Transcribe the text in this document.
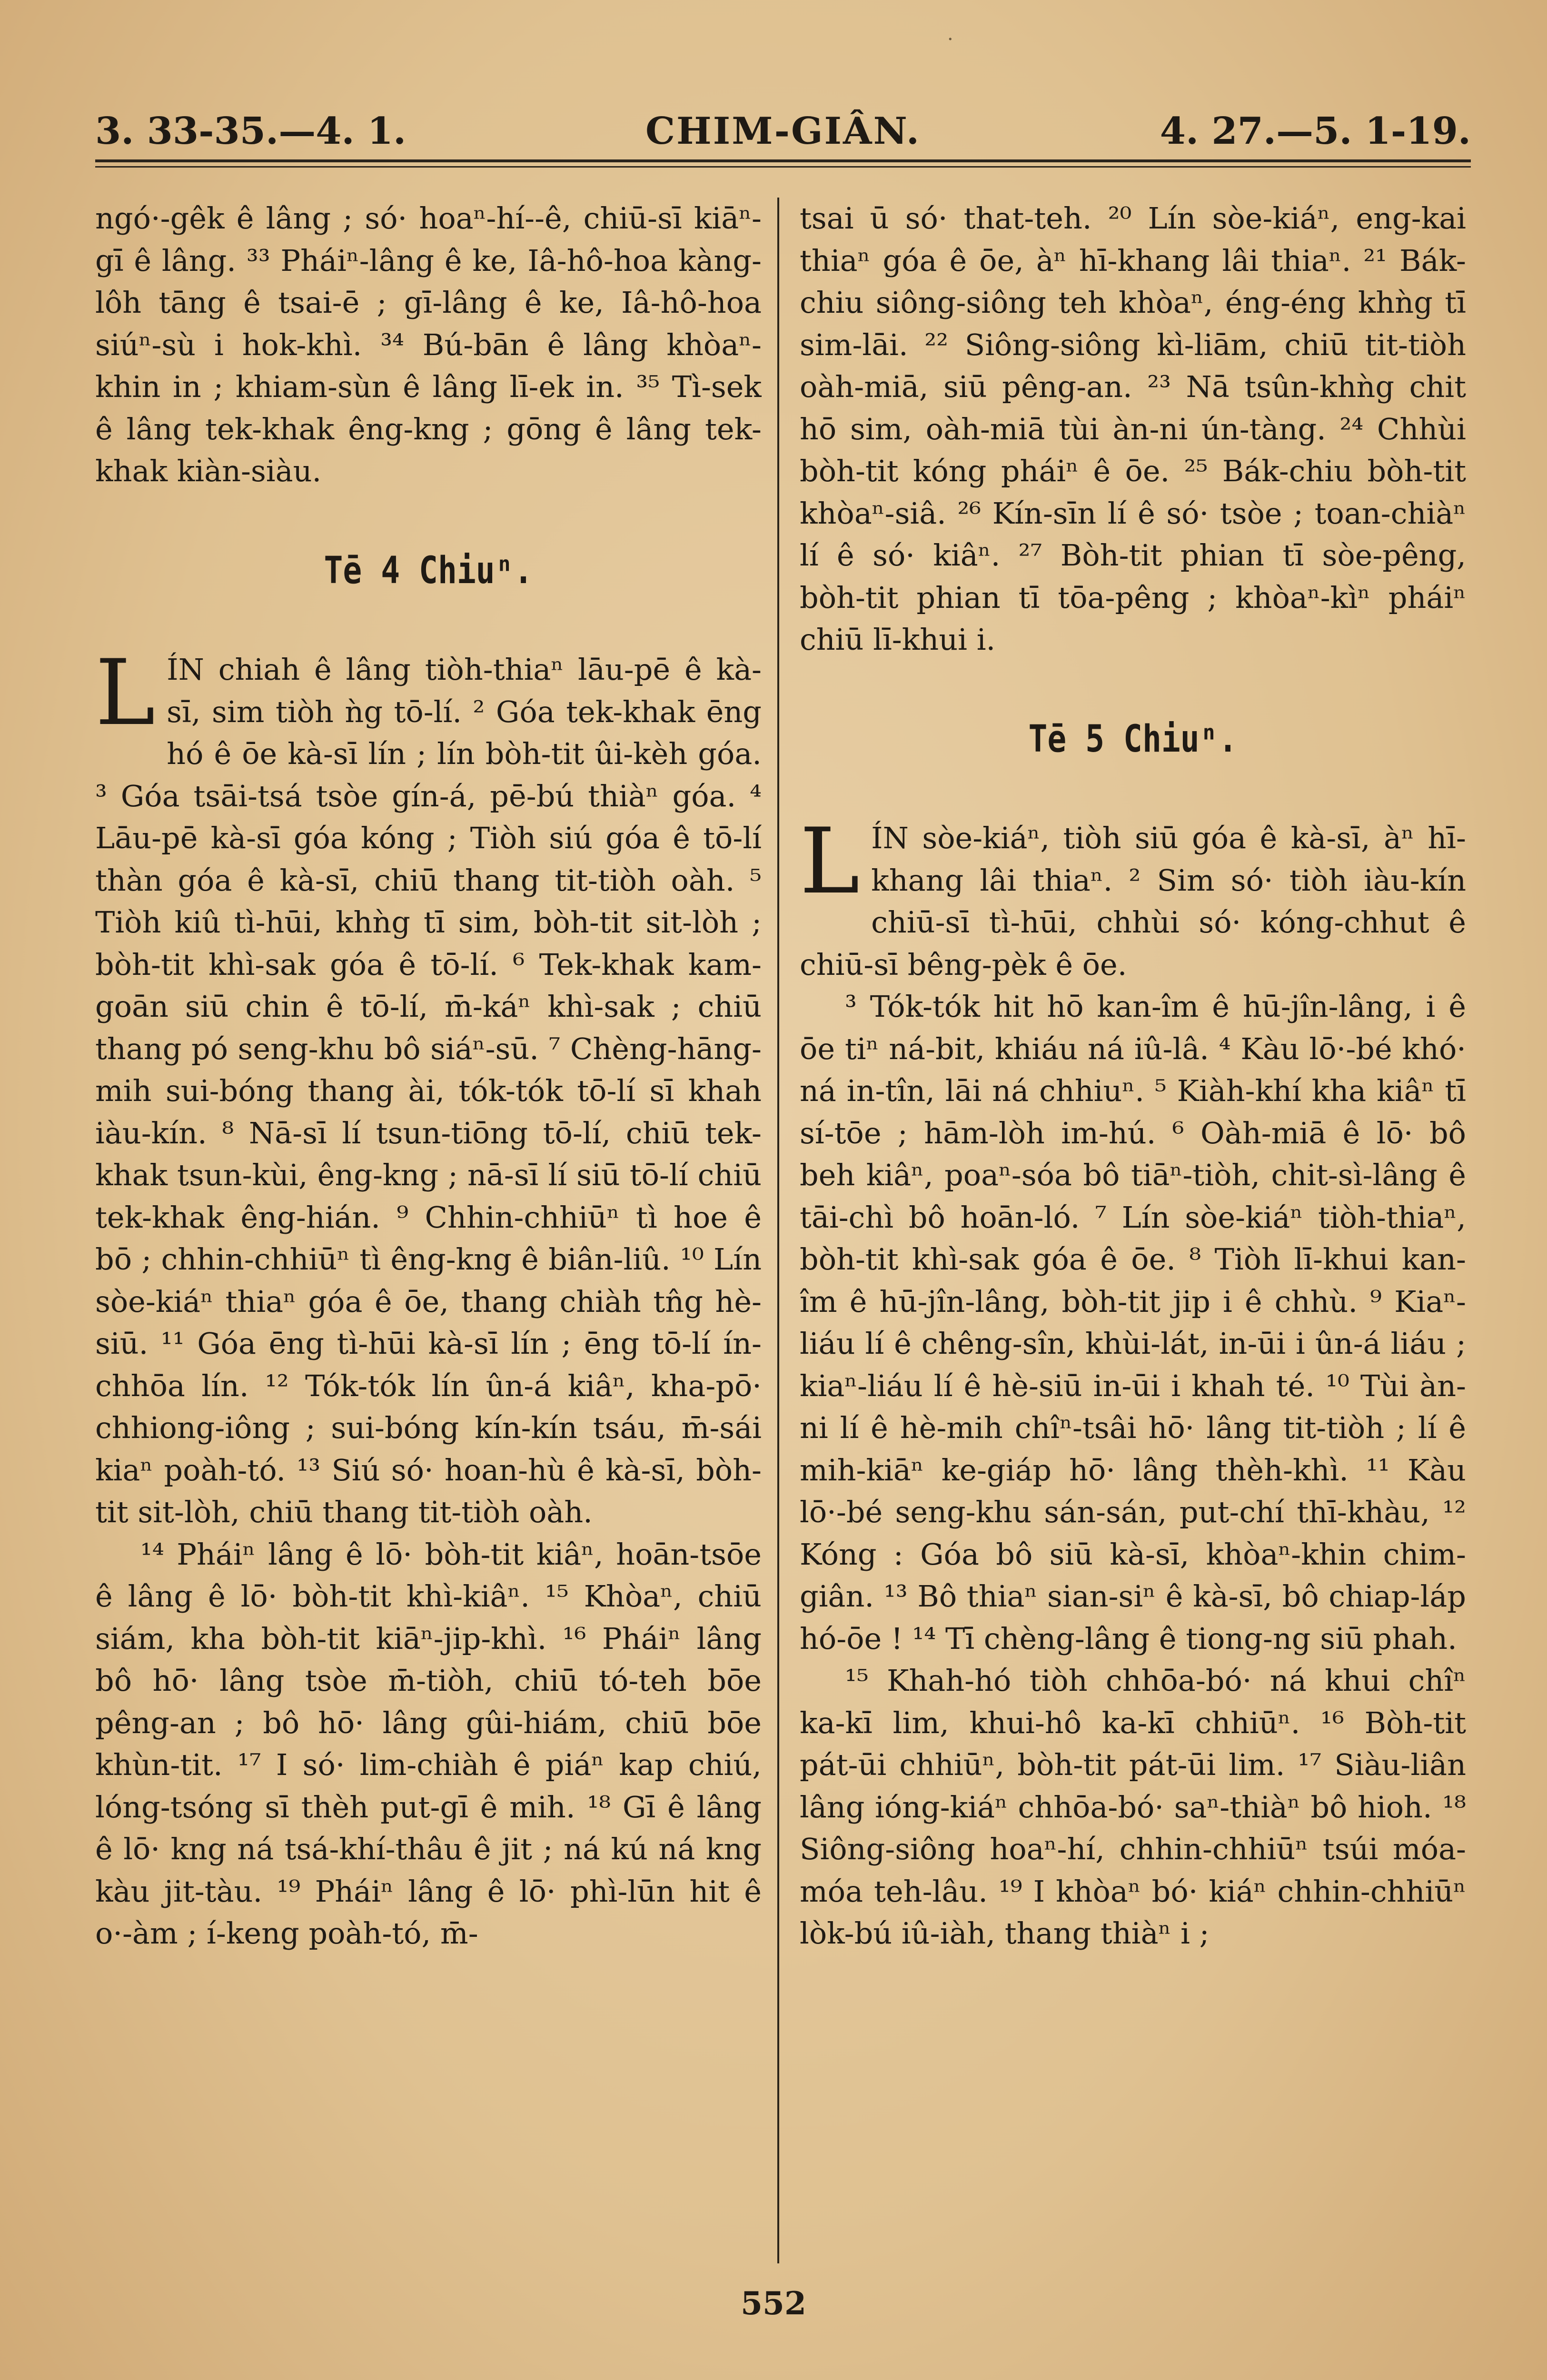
·
3. 33-35.—4. 1.	CHIM-GIÂN.	4. 27.—5. 1-19.

ngó·-gêk ê lâng ; só· hoaⁿ-hí--ê, chiū-sī kiāⁿ-gī ê lâng. ³³ Pháiⁿ-lâng ê ke, Iâ-hô-hoa kàng-lôh tāng ê tsai-ē ; gī-lâng ê ke, Iâ-hô-hoa siúⁿ-sù i hok-khì. ³⁴ Bú-bān ê lâng khòaⁿ-khin in ; khiam-sùn ê lâng lī-ek in. ³⁵ Tì-sek ê lâng tek-khak êng-kng ; gōng ê lâng tek-khak kiàn-siàu.

Tē 4 Chiuⁿ.

L ÍN chiah ê lâng tiòh-thiaⁿ lāu-pē ê kà-sī, sim tiòh ǹg tō-lí. ² Góa tek-khak ēng hó ê ōe kà-sī lín ; lín bòh-tit ûi-kèh góa. ³ Góa tsāi-tsá tsòe gín-á, pē-bú thiàⁿ góa. ⁴ Lāu-pē kà-sī góa kóng ; Tiòh siú góa ê tō-lí thàn góa ê kà-sī, chiū thang tit-tiòh oàh. ⁵ Tiòh kiû tì-hūi, khǹg tī sim, bòh-tit sit-lòh ; bòh-tit khì-sak góa ê tō-lí. ⁶ Tek-khak kam-goān siū chin ê tō-lí, m̄-káⁿ khì-sak ; chiū thang pó seng-khu bô siáⁿ-sū. ⁷ Chèng-hāng-mih sui-bóng thang ài, tók-tók tō-lí sī khah iàu-kín. ⁸ Nā-sī lí tsun-tiōng tō-lí, chiū tek-khak tsun-kùi, êng-kng ; nā-sī lí siū tō-lí chiū tek-khak êng-hián. ⁹ Chhin-chhiūⁿ tì hoe ê bō ; chhin-chhiūⁿ tì êng-kng ê biân-liû. ¹⁰ Lín sòe-kiáⁿ thiaⁿ góa ê ōe, thang chiàh tn̂g hè-siū. ¹¹ Góa ēng tì-hūi kà-sī lín ; ēng tō-lí ín-chhōa lín. ¹² Tók-tók lín ûn-á kiâⁿ, kha-pō· chhiong-iông ; sui-bóng kín-kín tsáu, m̄-sái kiaⁿ poàh-tó. ¹³ Siú só· hoan-hù ê kà-sī, bòh-tit sit-lòh, chiū thang tit-tiòh oàh.

¹⁴ Pháiⁿ lâng ê lō· bòh-tit kiâⁿ, hoān-tsōe ê lâng ê lō· bòh-tit khì-kiâⁿ. ¹⁵ Khòaⁿ, chiū siám, kha bòh-tit kiāⁿ-jip-khì. ¹⁶ Pháiⁿ lâng bô hō· lâng tsòe m̄-tiòh, chiū tó-teh bōe pêng-an ; bô hō· lâng gûi-hiám, chiū bōe khùn-tit. ¹⁷ I só· lim-chiàh ê piáⁿ kap chiú, lóng-tsóng sī thèh put-gī ê mih. ¹⁸ Gī ê lâng ê lō· kng ná tsá-khí-thâu ê jit ; ná kú ná kng kàu jit-tàu. ¹⁹ Pháiⁿ lâng ê lō· phì-lūn hit ê o·-àm ; í-keng poàh-tó, m̄-

tsai ū só· that-teh. ²⁰ Lín sòe-kiáⁿ, eng-kai thiaⁿ góa ê ōe, àⁿ hī-khang lâi thiaⁿ. ²¹ Bák-chiu siông-siông teh khòaⁿ, éng-éng khǹg tī sim-lāi. ²² Siông-siông kì-liām, chiū tit-tiòh oàh-miā, siū pêng-an. ²³ Nā tsûn-khǹg chit hō sim, oàh-miā tùi àn-ni ún-tàng. ²⁴ Chhùi bòh-tit kóng pháiⁿ ê ōe. ²⁵ Bák-chiu bòh-tit khòaⁿ-siâ. ²⁶ Kín-sīn lí ê só· tsòe ; toan-chiàⁿ lí ê só· kiâⁿ. ²⁷ Bòh-tit phian tī sòe-pêng, bòh-tit phian tī tōa-pêng ; khòaⁿ-kìⁿ pháiⁿ chiū lī-khui i.

Tē 5 Chiuⁿ.

L ÍN sòe-kiáⁿ, tiòh siū góa ê kà-sī, àⁿ hī-khang lâi thiaⁿ. ² Sim só· tiòh iàu-kín chiū-sī tì-hūi, chhùi só· kóng-chhut ê chiū-sī bêng-pèk ê ōe.

³ Tók-tók hit hō kan-îm ê hū-jîn-lâng, i ê ōe tiⁿ ná-bit, khiáu ná iû-lâ. ⁴ Kàu lō·-bé khó· ná in-tîn, lāi ná chhiuⁿ. ⁵ Kiàh-khí kha kiâⁿ tī sí-tōe ; hām-lòh im-hú. ⁶ Oàh-miā ê lō· bô beh kiâⁿ, poaⁿ-sóa bô tiāⁿ-tiòh, chit-sì-lâng ê tāi-chì bô hoān-ló. ⁷ Lín sòe-kiáⁿ tiòh-thiaⁿ, bòh-tit khì-sak góa ê ōe. ⁸ Tiòh lī-khui kan-îm ê hū-jîn-lâng, bòh-tit jip i ê chhù. ⁹ Kiaⁿ-liáu lí ê chêng-sîn, khùi-lát, in-ūi i ûn-á liáu ; kiaⁿ-liáu lí ê hè-siū in-ūi i khah té. ¹⁰ Tùi àn-ni lí ê hè-mih chîⁿ-tsâi hō· lâng tit-tiòh ; lí ê mih-kiāⁿ ke-giáp hō· lâng thèh-khì. ¹¹ Kàu lō·-bé seng-khu sán-sán, put-chí thī-khàu, ¹² Kóng : Góa bô siū kà-sī, khòaⁿ-khin chim-giân. ¹³ Bô thiaⁿ sian-siⁿ ê kà-sī, bô chiap-láp hó-ōe ! ¹⁴ Tī chèng-lâng ê tiong-ng siū phah.

¹⁵ Khah-hó tiòh chhōa-bó· ná khui chîⁿ ka-kī lim, khui-hô ka-kī chhiūⁿ. ¹⁶ Bòh-tit pát-ūi chhiūⁿ, bòh-tit pát-ūi lim. ¹⁷ Siàu-liân lâng ióng-kiáⁿ chhōa-bó· saⁿ-thiàⁿ bô hioh. ¹⁸ Siông-siông hoaⁿ-hí, chhin-chhiūⁿ tsúi móa-móa teh-lâu. ¹⁹ I khòaⁿ bó· kiáⁿ chhin-chhiūⁿ lòk-bú iû-iàh, thang thiàⁿ i ;

552
